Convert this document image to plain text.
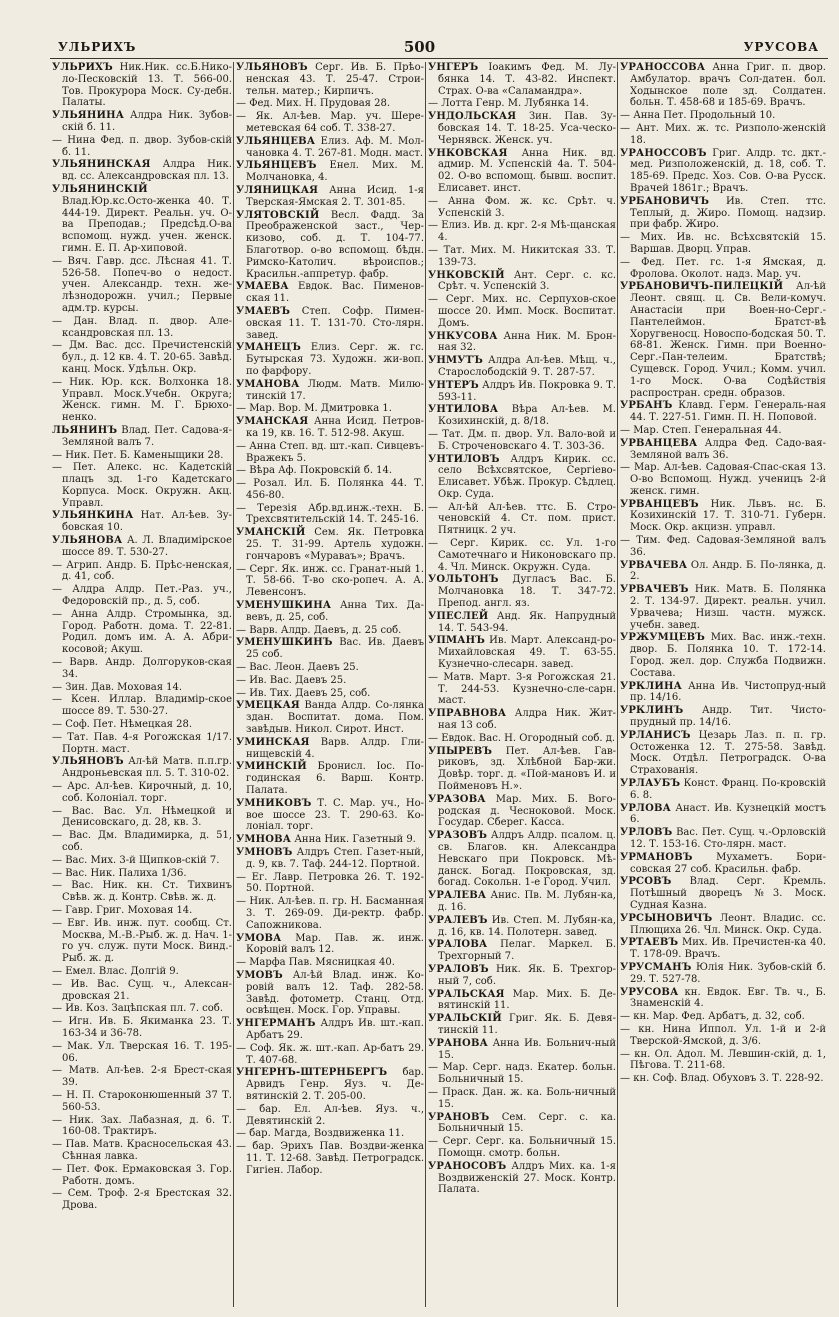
УЛЬРИХЪ	500	УРУСОВА
УЛЬРИХЪ Ник.Ник. сс.Б.Нико-ло-Песковскій 13. Т. 566-00. Тов. Прокурора Моск. Су-дебн. Палаты.
УЛЬЯНИНА Алдра Ник. Зубов-скій б. 11.
— Нина Фед. п. двор. Зубов-скій б. 11.
УЛЬЯНИНСКАЯ Алдра Ник. вд. сс. Александровская пл. 13.
УЛЬЯНИНСКІЙ Влад.Юр.кс.Осто-женка 40. Т. 444-19. Директ. Реальн. уч. О-ва Преподав.; Предсѣд.О-ва вспомощ. нужд. учен. женск. гимн. Е. П. Ар-хиповой.
— Вяч. Гавр. дсс. Лѣсная 41. Т. 526-58. Попеч-во о недост. учен. Александр. техн. же-лѣзнодорожн. учил.; Первые адм.тр. курсы.
— Дан. Влад. п. двор. Але-ксандровская пл. 13.
— Дм. Вас. дсс. Пречистенскій бул., д. 12 кв. 4. Т. 20-65. Завѣд. канц. Моск. Удѣльн. Окр.
— Ник. Юр. кск. Волхонка 18. Управл. Моск.Учебн. Округа; Женск. гимн. М. Г. Брюхо-ненко.
ЛЬЯНИНЪ Влад. Пет. Садова-я-Земляной валъ 7.
— Ник. Пет. Б. Каменыщики 28.
— Пет. Алекс. нс. Кадетскій плацъ зд. 1-го Кадетскаго Корпуса. Моск. Окружн. Акц. Управл.
УЛЬЯНКИНА Нат. Ал-ѣев. Зу-бовская 10.
УЛЬЯНОВА А. Л. Владимірское шоссе 89. Т. 530-27.
— Агрип. Андр. Б. Прѣс-ненская, д. 41, соб.
— Алдра Алдр. Пет.-Раз. уч., Федоровскій пр., д. 5, соб.
— Анна Алдр. Стромынка, зд. Город. Работн. дома. Т. 22-81. Родил. домъ им. А. А. Абри-косовой; Акуш.
— Варв. Андр. Долгоруков-ская 34.
— Зин. Дав. Моховая 14.
— Ксен. Иллар. Владимір-ское шоссе 89. Т. 530-27.
— Соф. Пет. Нѣмецкая 28.
— Тат. Пав. 4-я Рогожская 1/17. Портн. маст.
УЛЬЯНОВЪ Ал-ѣй Матв. п.п.гр. Андроньевская пл. 5. Т. 310-02.
— Арс. Ал-ѣев. Кирочный, д. 10, соб. Колоніал. торг.
— Вас. Вас. Ул. Нѣмецкой и Денисовскаго, д. 28, кв. 3.
— Вас. Дм. Владимирка, д. 51, соб.
— Вас. Мих. 3-й Щипков-скій 7.
— Вас. Ник. Палиха 1/36.
— Вас. Ник. кн. Ст. Тихвинъ Свѣв. ж. д. Контр. Свѣв. ж. д.
— Гавр. Григ. Моховая 14.
— Евг. Ив. инж. пут. сообщ. Ст. Москва, М.-В.-Рыб. ж. д. Нач. 1-го уч. служ. пути Моск. Винд.-Рыб. ж. д.
— Емел. Влас. Долгій 9.
— Ив. Вас. Сущ. ч., Алексан-дровская 21.
— Ив. Коз. Зацѣпская пл. 7. соб.
— Игн. Ив. Б. Якиманка 23. Т. 163-34 и 36-78.
— Мак. Ул. Тверская 16. Т. 195-06.
— Матв. Ал-ѣев. 2-я Брест-ская 39.
— Н. П. Староконюшенный 37 Т. 560-53.
— Ник. Зах. Лабазная, д. 6. Т. 160-08. Трактиръ.
— Пав. Матв. Красносельская 43. Сѣнная лавка.
— Пет. Фок. Ермаковская 3. Гор. Работн. домъ.
— Сем. Троф. 2-я Брестская 32. Дрова.
УЛЬЯНОВЪ Серг. Ив. Б. Прѣо-ненская 43. Т. 25-47. Строи-тельн. матер.; Кирпичъ.
— Фед. Мих. Н. Прудовая 28.
— Як. Ал-ѣев. Мар. уч. Шере-метевская 64 соб. Т. 338-27.
УЛЬЯНЦЕВА Елиз. Аф. М. Мол-чановка 4. Т. 267-81. Модн. маст.
УЛЬЯНЦЕВЪ Енел. Мих. М. Молчановка, 4.
УЛЯНИЦКАЯ Анна Исид. 1-я Тверская-Ямская 2. Т. 301-85.
УЛЯТОВСКІЙ Весл. Фадд. За Преображенской заст., Чер-кизово, соб. д. Т. 104-77. Благотвор. о-во вспомощ. бѣдн. Римско-Католич. вѣроиспов.; Красильн.-аппретур. фабр.
УМАЕВА Евдок. Вас. Пименов-ская 11.
УМАЕВЪ Степ. Софр. Пимен-овская 11. Т. 131-70. Сто-лярн. завед.
УМАНЕЦЪ Елиз. Серг. ж. гс. Бутырская 73. Художн. жи-воп. по фарфору.
УМАНОВА Людм. Матв. Милю-тинскій 17.
— Мар. Вор. М. Дмитровка 1.
УМАНСКАЯ Анна Исид. Петров-ка 19, кв. 16. Т. 512-98. Акуш.
— Анна Степ. вд. шт.-кап. Сивцевъ-Вражекъ 5.
— Вѣра Аф. Покровскій б. 14.
— Розал. Ил. Б. Полянка 44. Т. 456-80.
— Терезія Абр.вд.инж.-техн. Б. Трехсвятительскій 14. Т. 245-16.
УМАНСКІЙ Сем. Як. Петровка 25. Т. 31-99. Артель художн. гончаровъ «Мураваъ»; Врачъ.
— Серг. Як. инж. сс. Гранат-ный 1. Т. 58-66. Т-во ско-ропеч. А. А. Левенсонъ.
УМЕНУШКИНА Анна Тих. Да-вевъ, д. 25, соб.
— Варв. Алдр. Даевъ, д. 25 соб.
УМЕНУШКИНЪ Вас. Ив. Даевъ 25 соб.
— Вас. Леон. Даевъ 25.
— Ив. Вас. Даевъ 25.
— Ив. Тих. Даевъ 25, соб.
УМЕЦКАЯ Ванда Алдр. Со-лянка здан. Воспитат. дома. Пом. завѣдыв. Никол. Сирот. Инст.
УМИНСКАЯ Варв. Алдр. Гли-нищевскій 4.
УМИНСКІЙ Бронисл. Іос. По-годинская 6. Варш. Контр. Палата.
УМНИКОВЪ Т. С. Мар. уч., Но-вое шоссе 23. Т. 290-63. Ко-лоніал. торг.
УМНОВА Анна Ник. Газетный 9.
УМНОВЪ Алдръ Степ. Газет-ный, д. 9, кв. 7. Таф. 244-12. Портной.
— Ег. Лавр. Петровка 26. Т. 192-50. Портной.
— Ник. Ал-ѣев. п. гр. Н. Басманная 3. Т. 269-09. Ди-ректр. фабр. Сапожникова.
УМОВА Мар. Пав. ж. инж. Коровій валъ 12.
— Марфа Пав. Мясницкая 40.
УМОВЪ Ал-ѣй Влад. инж. Ко-ровій валъ 12. Таф. 282-58. Завѣд. фотометр. Станц. Отд. освѣщен. Моск. Гор. Управы.
УНГЕРМАНЪ Алдръ Ив. шт.-кап. Арбатъ 29.
— Соф. Як. ж. шт.-кап. Ар-батъ 29. Т. 407-68.
УНГЕРНЪ-ШТЕРНБЕРГЪ бар. Арвидъ Генр. Яуз. ч. Де-вятинскій 2. Т. 205-00.
— бар. Ел. Ал-ѣев. Яуз. ч., Девятинскій 2.
— бар. Магда, Воздвиженка 11.
— бар. Эрихъ Пав. Воздви-женка 11. Т. 12-68. Завѣд. Петроградск. Гигіен. Лабор.
УНГЕРЪ Іоакимъ Фед. М. Лу-бянка 14. Т. 43-82. Инспект. Страх. О-ва «Саламандра».
— Лотта Генр. М. Лубянка 14.
УНДОЛЬСКАЯ Зин. Пав. Зу-бовская 14. Т. 18-25. Уса-ческо-Чернявск. Женск. уч.
УНКОВСКАЯ Анна Ник. вд. адмир. М. Успенскій 4а. Т. 504-02. О-во вспомощ. бывш. воспит. Елисавет. инст.
— Анна Фом. ж. кс. Срѣт. ч. Успенскій 3.
— Елиз. Ив. д. крг. 2-я Мѣ-щанская 4.
— Тат. Мих. М. Никитская 33. Т. 139-73.
УНКОВСКІЙ Ант. Серг. с. кс. Срѣт. ч. Успенскій 3.
— Серг. Мих. нс. Серпухов-ское шоссе 20. Имп. Моск. Воспитат. Домъ.
УНКУСОВА Анна Ник. М. Брон-ная 32.
УНМУТЪ Алдра Ал-ѣев. Мѣщ. ч., Старослободскій 9. Т. 287-57.
УНТЕРЪ Алдръ Ив. Покровка 9. Т. 593-11.
УНТИЛОВА Вѣра Ал-ѣев. М. Козихинскій, д. 8/18.
— Тат. Дм. п. двор. Ул. Вало-вой и Б. Строченовскаго 4. Т. 303-36.
УНТИЛОВЪ Алдръ Кирик. сс. село Всѣхсвятское, Сергіево-Елисавет. Убѣж. Прокур. Сѣдлец. Окр. Суда.
— Ал-ѣй Ал-ѣев. ттс. Б. Стро-ченовскій 4. Ст. пом. прист. Пятницк. 2 уч.
— Серг. Кирик. сс. Ул. 1-го Самотечнаго и Никоновскаго пр. 4. Чл. Минск. Окружн. Суда.
УОЛЬТОНЪ Дугласъ Вас. Б. Молчановка 18. Т. 347-72. Препод. англ. яз.
УПЕСЛЕЙ Анд. Як. Напрудный 14. Т. 543-94.
УПМАНЪ Ив. Март. Александ-ро-Михайловская 49. Т. 63-55. Кузнечно-слесарн. завед.
— Матв. Март. 3-я Рогожская 21. Т. 244-53. Кузнечно-сле-сарн. маст.
УПРАВНОВА Алдра Ник. Жит-ная 13 соб.
— Евдок. Вас. Н. Огородный соб. д.
УПЫРЕВЪ Пет. Ал-ѣев. Гав-риковъ, зд. Хлѣбной Бар-жи. Довѣр. торг. д. «Пой-мановъ И. и Пойменовъ Н.».
УРАЗОВА Мар. Мих. Б. Вого-родская д. Чесноковой. Моск. Государ. Сберег. Касса.
УРАЗОВЪ Алдръ Алдр. псалом. ц. св. Благов. кн. Александра Невскаго при Покровск. Мѣ-данск. Богад. Покровская, зд. богад. Сокольн. 1-е Город. Учил.
УРАЛЕВА Анис. Пв. М. Лубян-ка, д. 16.
УРАЛЕВЪ Ив. Степ. М. Лубян-ка, д. 16, кв. 14. Полотерн. завед.
УРАЛОВА Пелаг. Маркел. Б. Трехгорный 7.
УРАЛОВЪ Ник. Як. Б. Трехгор-ный 7, соб.
УРАЛЬСКАЯ Мар. Мих. Б. Де-вятинскій 11.
УРАЛЬСКІЙ Григ. Як. Б. Девя-тинскій 11.
УРАНОВА Анна Ив. Больнич-ный 15.
— Мар. Серг. надз. Екатер. больн. Больничный 15.
— Праск. Дан. ж. ка. Боль-ничный 15.
УРАНОВЪ Сем. Серг. с. ка. Больничный 15.
— Серг. Серг. ка. Больничный 15. Помощн. смотр. больн.
УРАНОСОВЪ Алдръ Мих. ка. 1-я Воздвиженскій 27. Моск. Контр. Палата.
УРАНОССОВА Анна Григ. п. двор. Амбулатор. врачъ Сол-датен. бол. Ходынское поле зд. Солдатен. больн. Т. 458-68 и 185-69. Врачъ.
— Анна Пет. Продольный 10.
— Ант. Мих. ж. тс. Ризполо-женскій 18.
УРАНОССОВЪ Григ. Алдр. тс. дкт.-мед. Ризположенскій, д. 18, соб. Т. 185-69. Предс. Хоз. Сов. О-ва Русск. Врачей 1861г.; Врачъ.
УРБАНОВИЧЪ Ив. Степ. ттс. Теплый, д. Жиро. Помощ. надзир. при фабр. Жиро.
— Мих. Ив. нс. Всѣхсвятскій 15. Варшав. Дворц. Управ.
— Фед. Пет. гс. 1-я Ямская, д. Фролова. Околот. надз. Мар. уч.
УРБАНОВИЧЪ-ПИЛЕЦКІЙ Ал-ѣй Леонт. свящ. ц. Св. Вели-комуч. Анастасіи при Воен-но-Серг.-Пантелеймон. Братст-вѣ Хоругвеносц. Новоспо-бодская 50. Т. 68-81. Женск. Гимн. при Военно-Серг.-Пан-телеим. Братствѣ; Сущевск. Город. Учил.; Комм. учил. 1-го Моск. О-ва Содѣйствія распростран. средн. образов.
УРБАНЪ Клавд. Герм. Генераль-ная 44. Т. 227-51. Гимн. П. Н. Поповой.
— Мар. Степ. Генеральная 44.
УРВАНЦЕВА Алдра Фед. Садо-вая-Земляной валъ 36.
— Мар. Ал-ѣев. Садовая-Спас-ская 13. О-во Вспомощ. Нужд. ученицъ 2-й женск. гимн.
УРВАНЦЕВЪ Ник. Львъ. нс. Б. Козихинскій 17. Т. 310-71. Губерн. Моск. Окр. акцизн. управл.
— Тим. Фед. Садовая-Земляной валъ 36.
УРВАЧЕВА Ол. Андр. Б. По-лянка, д. 2.
УРВАЧЕВЪ Ник. Матв. Б. Полянка 2. Т. 134-97. Директ. реальн. учил. Урвачева; Низш. частн. мужск. учебн. завед.
УРЖУМЦЕВЪ Мих. Вас. инж.-техн. двор. Б. Полянка 10. Т. 172-14. Город. жел. дор. Служба Подвижн. Состава.
УРКЛИНА Анна Ив. Чистопруд-ный пр. 14/16.
УРКЛИНЪ Андр. Тит. Чисто-прудный пр. 14/16.
УРЛАНИСЪ Цезарь Лаз. п. п. гр. Остоженка 12. Т. 275-58. Завѣд. Моск. Отдѣл. Петроградск. О-ва Страхованія.
УРЛАУБЪ Конст. Франц. По-кровскій 6. 8.
УРЛОВА Анаст. Ив. Кузнецкій мостъ 6.
УРЛОВЪ Вас. Пет. Сущ. ч.-Орловскій 12. Т. 153-16. Сто-лярн. маст.
УРМАНОВЪ Мухаметъ. Бори-совская 27 соб. Красильн. фабр.
УРСОВЪ Влад. Серг. Кремль. Потѣшный дворецъ №3. Моск. Судная Казна.
УРСЫНОВИЧЪ Леонт. Владис. сс. Плющиха 26. Чл. Минск. Окр. Суда.
УРТАЕВЪ Мих. Ив. Пречистен-ка 40. Т. 178-09. Врачъ.
УРУСМАНЪ Юлія Ник. Зубов-скій б. 29. Т. 527-78.
УРУСОВА кн. Евдок. Евг. Тв. ч., Б. Знаменскій 4.
— кн. Мар. Фед. Арбатъ, д. 32, соб.
— кн. Нина Иппол. Ул. 1-й и 2-й Тверской-Ямской, д. 3/6.
— кн. Ол. Адол. М. Левшин-скій, д. 1, Пѣгова. Т. 211-68.
— кн. Соф. Влад. Обуховъ 3. Т. 228-92.
